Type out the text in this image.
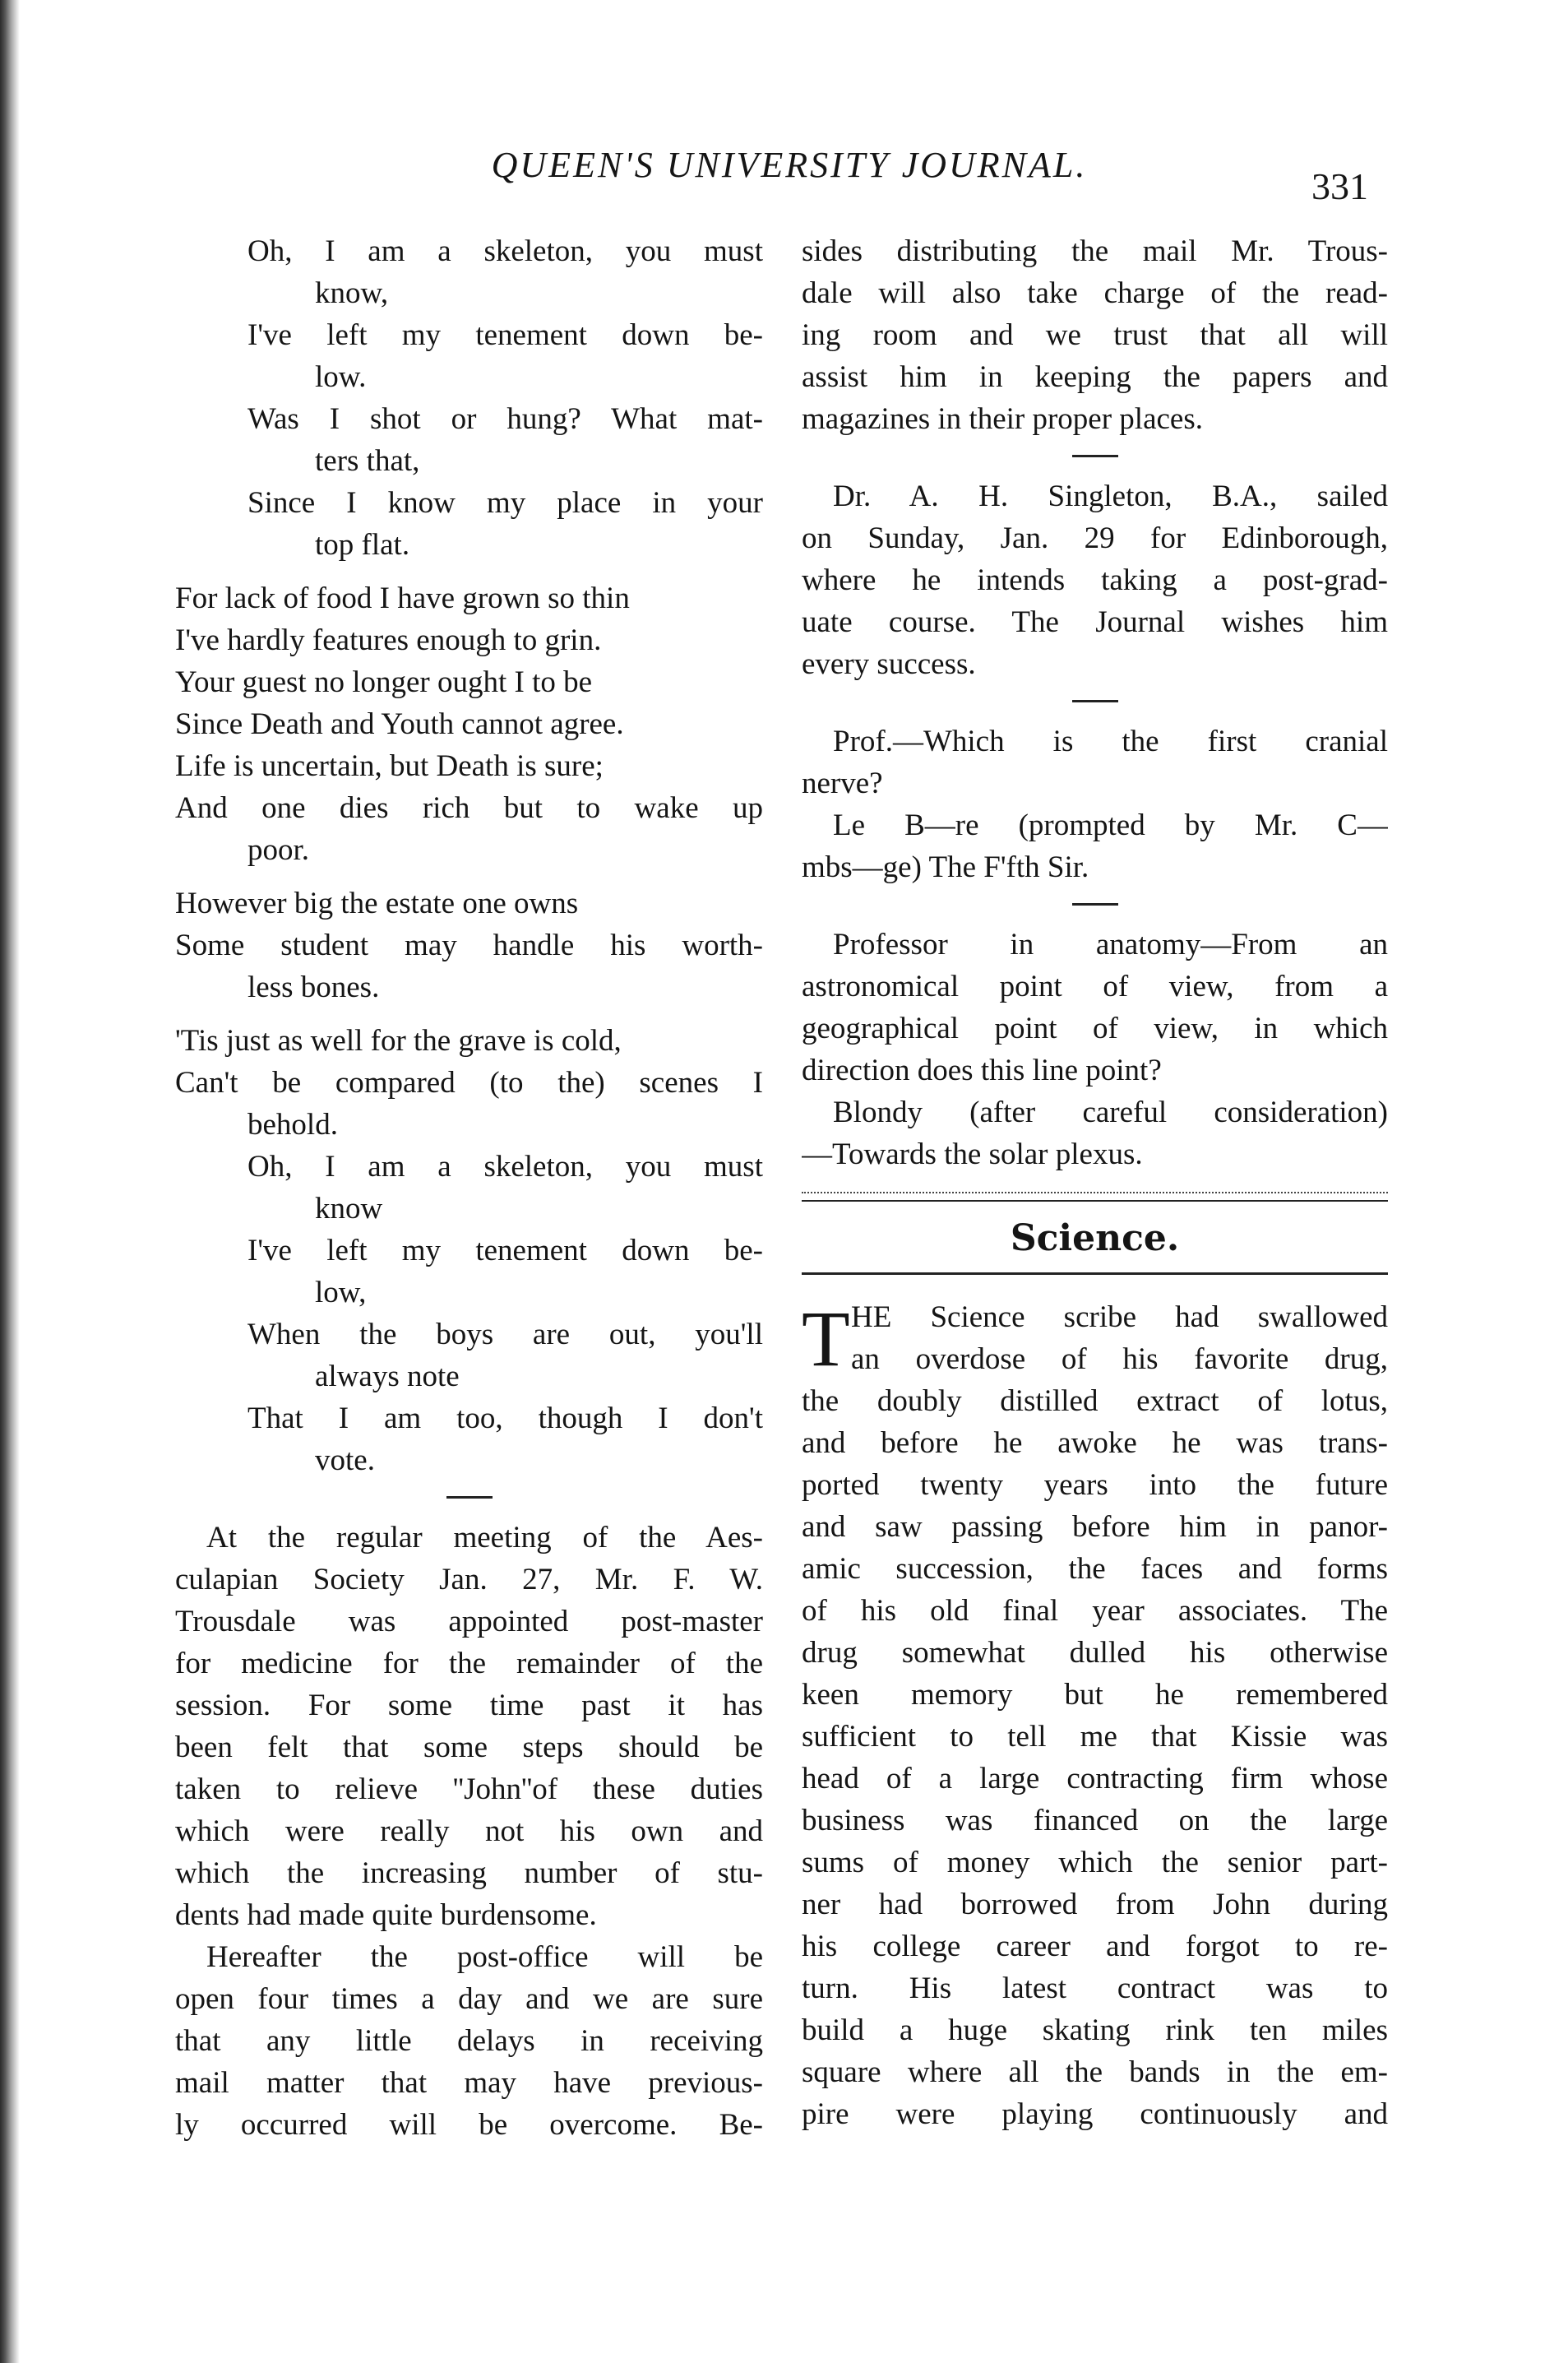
QUEEN'S UNIVERSITY JOURNAL.
331
Oh, I am a skeleton, you must
know,
I've left my tenement down be-
low.
Was I shot or hung? What mat-
ters that,
Since I know my place in your
top flat.
For lack of food I have grown so thin
I've hardly features enough to grin.
Your guest no longer ought I to be
Since Death and Youth cannot agree.
Life is uncertain, but Death is sure;
And one dies rich but to wake up
poor.
However big the estate one owns
Some student may handle his worth-
less bones.
'Tis just as well for the grave is cold,
Can't be compared (to the) scenes I
behold.
Oh, I am a skeleton, you must
know
I've left my tenement down be-
low,
When the boys are out, you'll
always note
That I am too, though I don't
vote.
At the regular meeting of the Aes-
culapian Society Jan. 27, Mr. F. W.
Trousdale was appointed post-master
for medicine for the remainder of the
session. For some time past it has
been felt that some steps should be
taken to relieve ''John''of these duties
which were really not his own and
which the increasing number of stu-
dents had made quite burdensome.
Hereafter the post-office will be
open four times a day and we are sure
that any little delays in receiving
mail matter that may have previous-
ly occurred will be overcome. Be-
sides distributing the mail Mr. Trous-
dale will also take charge of the read-
ing room and we trust that all will
assist him in keeping the papers and
magazines in their proper places.
Dr. A. H. Singleton, B.A., sailed
on Sunday, Jan. 29 for Edinborough,
where he intends taking a post-grad-
uate course. The Journal wishes him
every success.
Prof.—Which is the first cranial
nerve?
Le B—re (prompted by Mr. C—
mbs—ge) The F'fth Sir.
Professor in anatomy—From an
astronomical point of view, from a
geographical point of view, in which
direction does this line point?
Blondy (after careful consideration)
—Towards the solar plexus.
Science.
T HE Science scribe had swallowed
an overdose of his favorite drug,
the doubly distilled extract of lotus,
and before he awoke he was trans-
ported twenty years into the future
and saw passing before him in panor-
amic succession, the faces and forms
of his old final year associates. The
drug somewhat dulled his otherwise
keen memory but he remembered
sufficient to tell me that Kissie was
head of a large contracting firm whose
business was financed on the large
sums of money which the senior part-
ner had borrowed from John during
his college career and forgot to re-
turn. His latest contract was to
build a huge skating rink ten miles
square where all the bands in the em-
pire were playing continuously and
